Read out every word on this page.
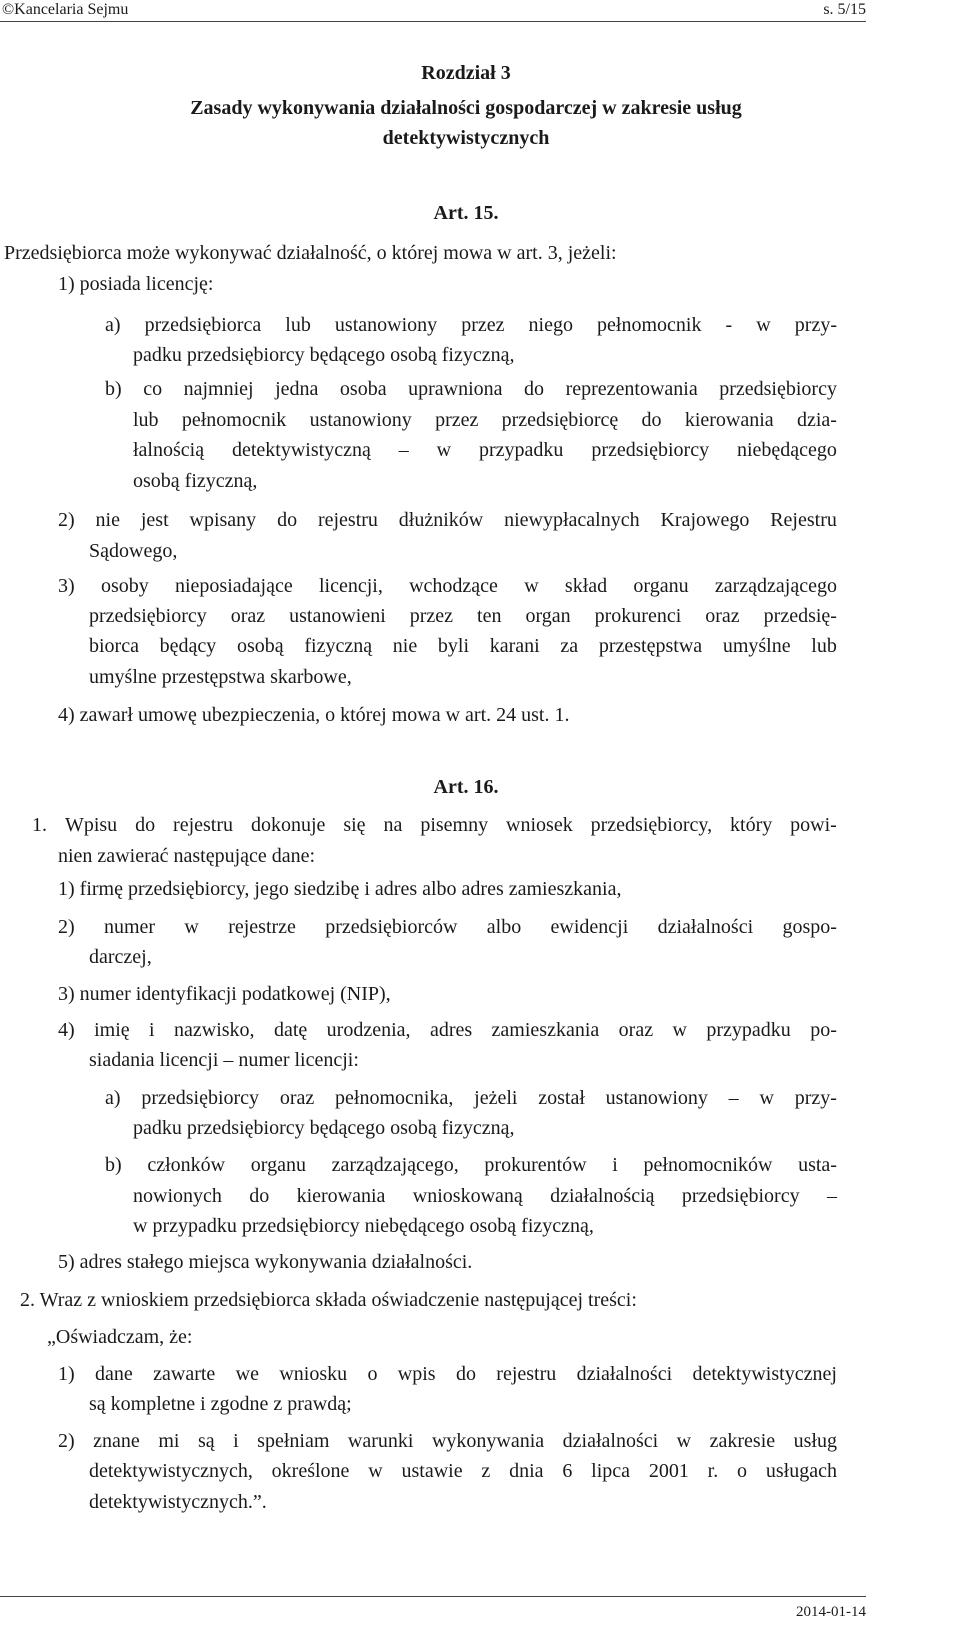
©Kancelaria Sejmu	s. 5/15
Rozdział 3
Zasady wykonywania działalności gospodarczej w zakresie usług
detektywistycznych
Art. 15.
Przedsiębiorca może wykonywać działalność, o której mowa w art. 3, jeżeli:
1) posiada licencję:
a) przedsiębiorca lub ustanowiony przez niego pełnomocnik - w przy-
padku przedsiębiorcy będącego osobą fizyczną,
b) co najmniej jedna osoba uprawniona do reprezentowania przedsiębiorcy
lub pełnomocnik ustanowiony przez przedsiębiorcę do kierowania dzia-
łalnością detektywistyczną – w przypadku przedsiębiorcy niebędącego
osobą fizyczną,
2) nie jest wpisany do rejestru dłużników niewypłacalnych Krajowego Rejestru
Sądowego,
3) osoby nieposiadające licencji, wchodzące w skład organu zarządzającego
przedsiębiorcy oraz ustanowieni przez ten organ prokurenci oraz przedsię-
biorca będący osobą fizyczną nie byli karani za przestępstwa umyślne lub
umyślne przestępstwa skarbowe,
4) zawarł umowę ubezpieczenia, o której mowa w art. 24 ust. 1.
Art. 16.
1. Wpisu do rejestru dokonuje się na pisemny wniosek przedsiębiorcy, który powi-
nien zawierać następujące dane:
1) firmę przedsiębiorcy, jego siedzibę i adres albo adres zamieszkania,
2) numer w rejestrze przedsiębiorców albo ewidencji działalności gospo-
darczej,
3) numer identyfikacji podatkowej (NIP),
4) imię i nazwisko, datę urodzenia, adres zamieszkania oraz w przypadku po-
siadania licencji – numer licencji:
a) przedsiębiorcy oraz pełnomocnika, jeżeli został ustanowiony – w przy-
padku przedsiębiorcy będącego osobą fizyczną,
b) członków organu zarządzającego, prokurentów i pełnomocników usta-
nowionych do kierowania wnioskowaną działalnością przedsiębiorcy –
w przypadku przedsiębiorcy niebędącego osobą fizyczną,
5) adres stałego miejsca wykonywania działalności.
2. Wraz z wnioskiem przedsiębiorca składa oświadczenie następującej treści:
„Oświadczam, że:
1) dane zawarte we wniosku o wpis do rejestru działalności detektywistycznej
są kompletne i zgodne z prawdą;
2) znane mi są i spełniam warunki wykonywania działalności w zakresie usług
detektywistycznych, określone w ustawie z dnia 6 lipca 2001 r. o usługach
detektywistycznych.”.
2014-01-14
